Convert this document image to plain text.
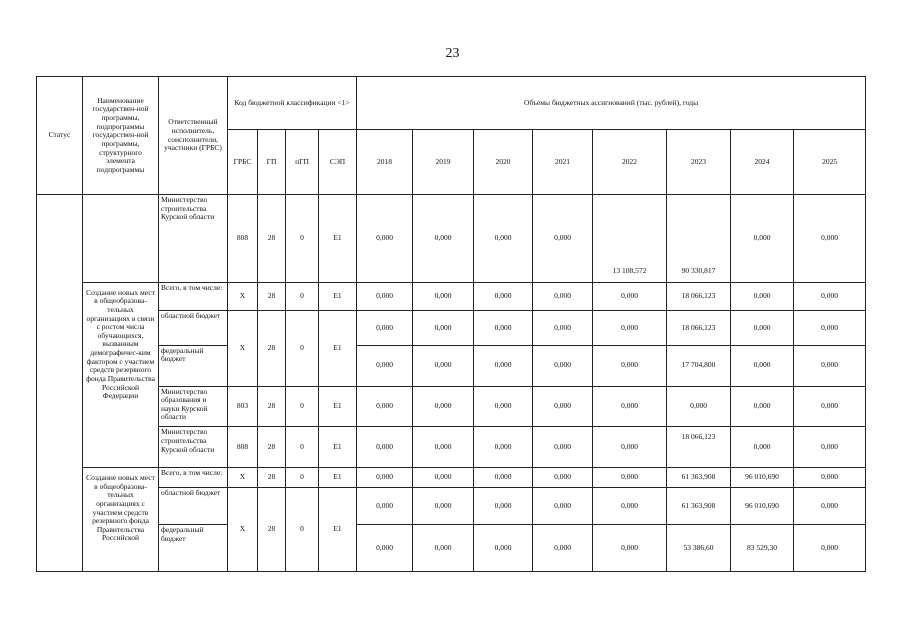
23
Статус	Наименование государствен-ной программы, подпрограммы государствен-ной программы, структурного элемента подпрограммы	Ответственный исполнитель, соисполнители, участники (ГРБС)	Код бюджетной классификации <1>				Объемы бюджетных ассигнований (тыс. рублей), годы							
			ГРБС	ГП	пГП	СЭП	2018	2019	2020	2021	2022	2023	2024	2025
		Министерство строительства Курской области	808	28	0	Е1	0,000	0,000	0,000	0,000	13 108,572	90 330,817	0,000	0,000
	Создание новых мест в общеобразова-тельных организациях в связи с ростом числа обучающихся, вызванным демографичес-ким фактором с участием средств резервного фонда Правительства Российской Федерации	Всего, в том числе:	Х	28	0	Е1	0,000	0,000	0,000	0,000	0,000	18 066,123	0,000	0,000
		областной бюджет	Х	28	0	Е1	0,000	0,000	0,000	0,000	0,000	18 066,123	0,000	0,000
		федеральный бюджет					0,000	0,000	0,000	0,000	0,000	17 704,800	0,000	0,000
		Министерство образования и науки Курской области	803	28	0	Е1	0,000	0,000	0,000	0,000	0,000	0,000	0,000	0,000
		Министерство строительства Курской области	808	28	0	Е1	0,000	0,000	0,000	0,000	0,000	18 066,123	0,000	0,000
	Создание новых мест в общеобразова-тельных организациях с участием средств резервного фонда Правительства Российской	Всего, в том числе:	Х	28	0	Е1	0,000	0,000	0,000	0,000	0,000	61 363,908	96 010,690	0,000
		областной бюджет	Х	28	0	Е1	0,000	0,000	0,000	0,000	0,000	61 363,908	96 010,690	0,000
		федеральный бюджет					0,000	0,000	0,000	0,000	0,000	53 386,60	83 529,30	0,000
